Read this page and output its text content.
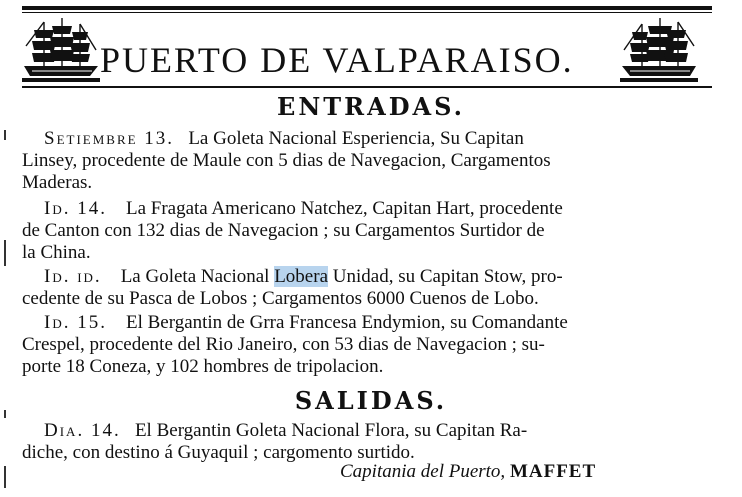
PUERTO DE VALPARAISO.
ENTRADAS.
Setiembre 13. La Goleta Nacional Esperiencia, Su Capitan
Linsey, procedente de Maule con 5 dias de Navegacion, Cargamentos
Maderas.
Id. 14. La Fragata Americano Natchez, Capitan Hart, procedente
de Canton con 132 dias de Navegacion ; su Cargamentos Surtidor de
la China.
Id. id. La Goleta Nacional Lobera Unidad, su Capitan Stow, pro-
cedente de su Pasca de Lobos ; Cargamentos 6000 Cuenos de Lobo.
Id. 15. El Bergantin de Grra Francesa Endymion, su Comandante
Crespel, procedente del Rio Janeiro, con 53 dias de Navegacion ; su-
porte 18 Coneza, y 102 hombres de tripolacion.
SALIDAS.
Dia. 14. El Bergantin Goleta Nacional Flora, su Capitan Ra-
diche, con destino á Guyaquil ; cargomento surtido.
Capitania del Puerto, MAFFET
